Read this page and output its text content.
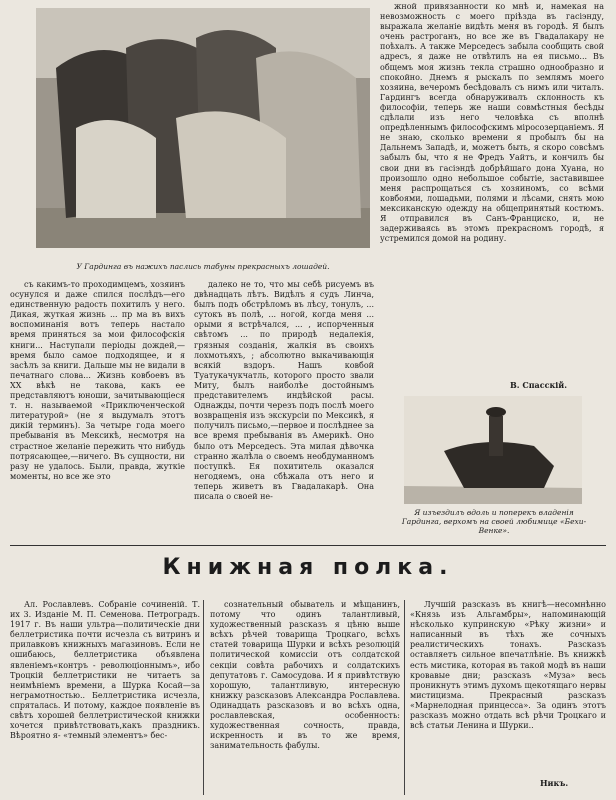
У Гардинга въ нажихъ паслись табуны прекрасныхъ лошадей.

жной привязанности ко мнѣ и, намекая на невозможность с моего пріѣзда въ гасіэнду, выражала желаніе видѣть меня въ городѣ. Я былъ очень растроганъ, но все же въ Гвадалакару не поѣхалъ. А также Мерседесъ забыла сообщить свой адресъ, я даже не отвѣтилъ на ея письмо... Въ общемъ моя жизнь текла страшно однообразно и спокойно. Днемъ я рыскалъ по землямъ моего хозяина, вечеромъ бесѣдовалъ съ нимъ или читалъ. Гардингъ всегда обнаруживалъ склонность къ философіи, теперь же наши совмѣстныя бесѣды сдѣлали изъ него человѣка съ вполнѣ опредѣленнымъ философскимъ міросозерцаніемъ. Я не знаю, сколько времени я пробылъ бы на Дальнемъ Западѣ, и, можетъ быть, я скоро совсѣмъ забылъ бы, что я не Фредъ Уайтъ, и кончилъ бы свои дни въ гасіэндѣ добрѣйшаго дона Хуана, но произошло одно небольшое событіе, заставившее меня распрощаться съ хозяиномъ, со всѣми ковбоями, лошадьми, полями и лѣсами, снять мою мексиканскую одежду на общепринятый костюмъ. Я отправился въ Санъ-Франциско, и, не задерживаясь въ этомъ прекрасномъ городѣ, я устремился домой на родину.

В. Спасскій.
Я изъездилъ вдоль и поперекъ владенія Гардинга, верхомъ на своей любимице «Бехи-Венке».

съ какимъ-то проходимцемъ, хозяинъ осунулся и даже спился послѣдъ—его единственную радость похитилъ у него. Дикая, жуткая жизнь ... пр ма въ вихъ воспоминанія вотъ теперь настало время приняться за мои философскія книги... Наступали періоды дождей,—время было самое подходящее, и я засѣлъ за книги. Дальше мы не видали в печатнаго слова... Жизнь ковбоевъ въ XX вѣкѣ не такова, какъ ее представляютъ юноши, зачитывающіеся т. н. называемой «Приключенческой литературой» (не я выдумалъ этотъ дикій терминъ). За четыре года моего пребыванія въ Мексикѣ, несмотря на страстное желаніе пережить что нибудь потрясающее,—ничего. Въ сущности, ни разу не удалось. Были, правда, жуткіе моменты, но все же это

далеко не то, что мы себѣ рисуемъ въ двѣнадцать лѣтъ. Видѣлъ я судъ Линча, былъ подъ обстрѣломъ въ лѣсу, тонулъ, ... сутокъ въ полѣ, ... ногой, когда меня ... орыми я встрѣчался, ... , испорченныя свѣтомъ ... по природѣ недалекія, грязныя созданія, жалкія въ своихъ лохмотьяхъ, ; абсолютно выкачивающія всякій вздоръ. Нашъ ковбой Туатукачукчатль, которого просто звали Миту, былъ наиболѣе достойнымъ представителемъ индѣйской расы. Однажды, почти черезъ подъ послѣ моего возвращенія изъ экскурсіи по Мексикѣ, я получилъ письмо,—первое и послѣднее за все время пребыванія въ Америкѣ. Оно было отъ Мерседесъ. Эта милая дѣвочка странно жалѣла о своемъ необдуманномъ поступкѣ. Ея похититель оказался негодяемъ, она сбѣжала отъ него и теперь живетъ въ Гвадалакарѣ. Она писала о своей не-

Книжная полка.

Ал. Рославлевъ. Собраніе сочиненій. Т. их 3. Изданіе М. П. Семенова. Петроградъ. 1917 г. Въ наши ультра—политическіе дни беллетристика почти исчезла съ витринъ и прилавковъ книжныхъ магазиновъ. Если не ошибаюсь, беллетристика объявлена явленіемъ«контръ - революціоннымъ», ибо Троцкій беллетристики не читаетъ за неимѣніемъ времени, а Шурка Косай—за неграмотностью.. Беллетристика исчезла, спряталась. И потому, каждое появленіе въ свѣтъ хорошей беллетристической книжки хочется привѣтствовать,какъ праздникъ. Вѣроятно я- «темный элементъ» бес-

сознательный обыватель и мѣщанинъ, потому что одинъ талантливый, художественный разсказъ я цѣню выше всѣхъ рѣчей товарища Троцкаго, всѣхъ статей товарища Шурки и всѣхъ резолюцій политической комиссіи отъ солдатской секціи совѣта рабочихъ и солдатскихъ депутатовъ г. Самосудова. И я привѣтствую хорошую, талантливую, интересную книжку разсказовъ Александра Рославлева. Одинадцать разсказовъ и во всѣхъ одна, рославлевская, особенность: художественная сочность, правда, искренность и въ то же время, занимательность фабулы.

Лучшій разсказъ въ книгѣ—несомнѣнно «Князь изъ Альгамбры», напоминающій нѣсколько купринскую «Рѣку жизни» и написанный въ тѣхъ же сочныхъ реалистическихъ тонахъ. Разсказъ оставляетъ сильное впечатлѣніе. Въ книжкѣ есть мистика, которая въ такой модѣ въ наши кровавые дни; разсказъ «Муза» весь проникнутъ этимъ духомъ щекотящаго нервы мистицизма. Прекрасный разсказъ «Марнелодная принцесса». За одинъ этотъ разсказъ можно отдать всѣ рѣчи Троцкаго и всѣ статьи Ленина и Шурки..

Никъ.
